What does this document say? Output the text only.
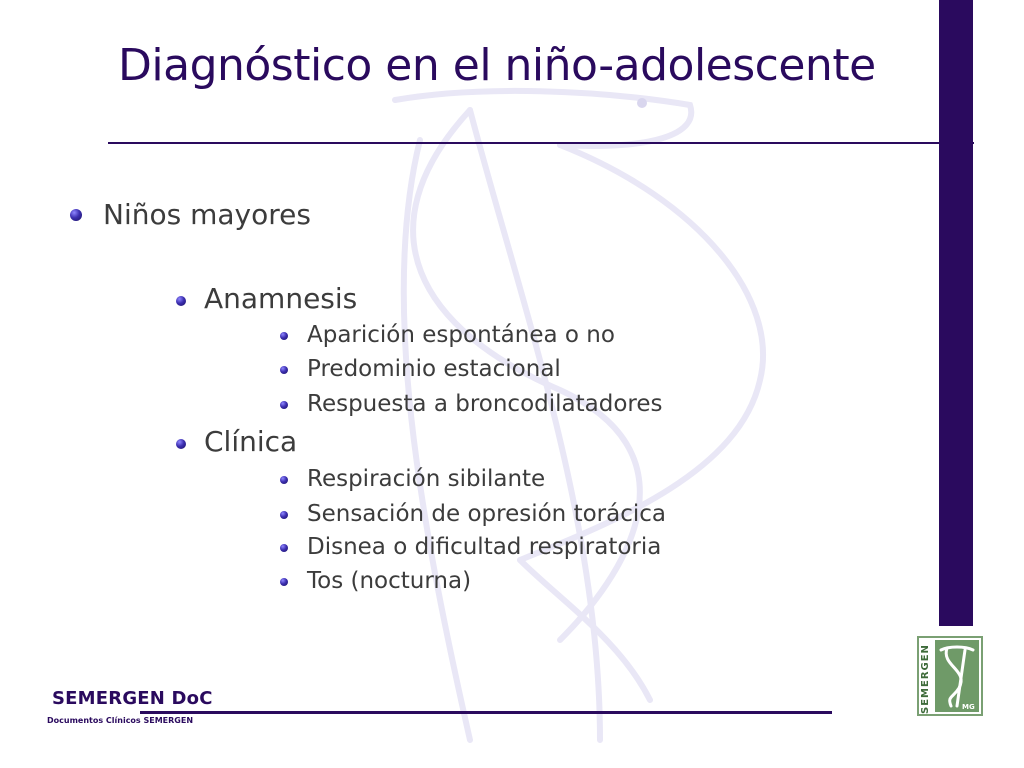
Diagnóstico en el niño-adolescente
Niños mayores
Anamnesis
Aparición espontánea o no
Predominio estacional
Respuesta a broncodilatadores
Clínica
Respiración sibilante
Sensación de opresión torácica
Disnea o dificultad respiratoria
Tos (nocturna)
SEMERGEN DoC
Documentos Clínicos SEMERGEN
SEMERGEN	MG
